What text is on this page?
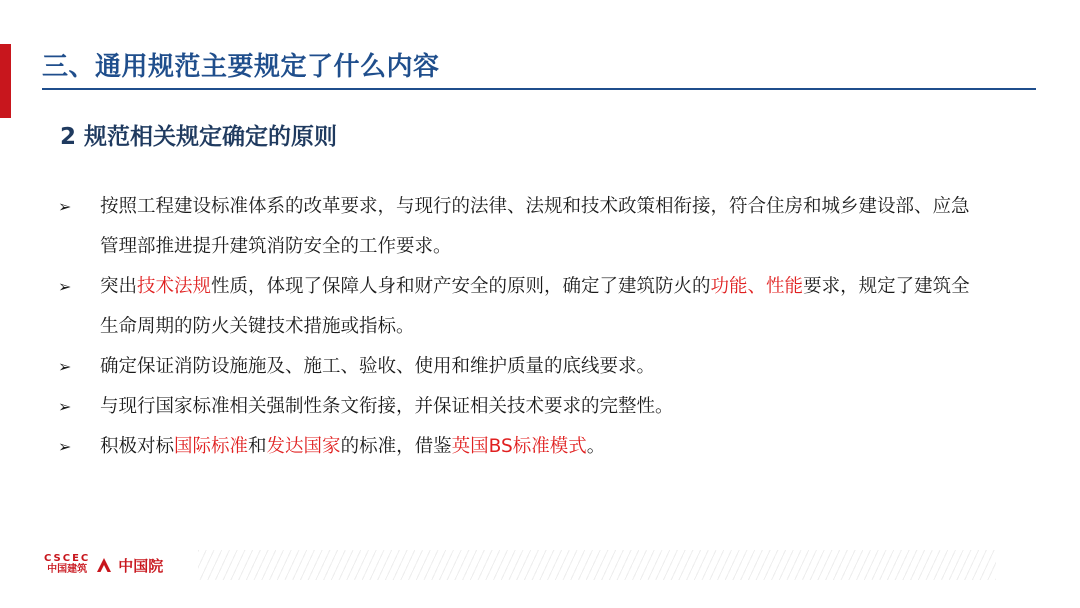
三、通用规范主要规定了什么内容
2 规范相关规定确定的原则
➢ 按照工程建设标准体系的改革要求，与现行的法律、法规和技术政策相衔接，符合住房和城乡建设部、应急管理部推进提升建筑消防安全的工作要求。
➢ 突出技术法规性质，体现了保障人身和财产安全的原则，确定了建筑防火的功能、性能要求，规定了建筑全生命周期的防火关键技术措施或指标。
➢ 确定保证消防设施施及、施工、验收、使用和维护质量的底线要求。
➢ 与现行国家标准相关强制性条文衔接，并保证相关技术要求的完整性。
➢ 积极对标国际标准和发达国家的标准，借鉴英国BS标准模式。
CSCEC
中国建筑 中国院
